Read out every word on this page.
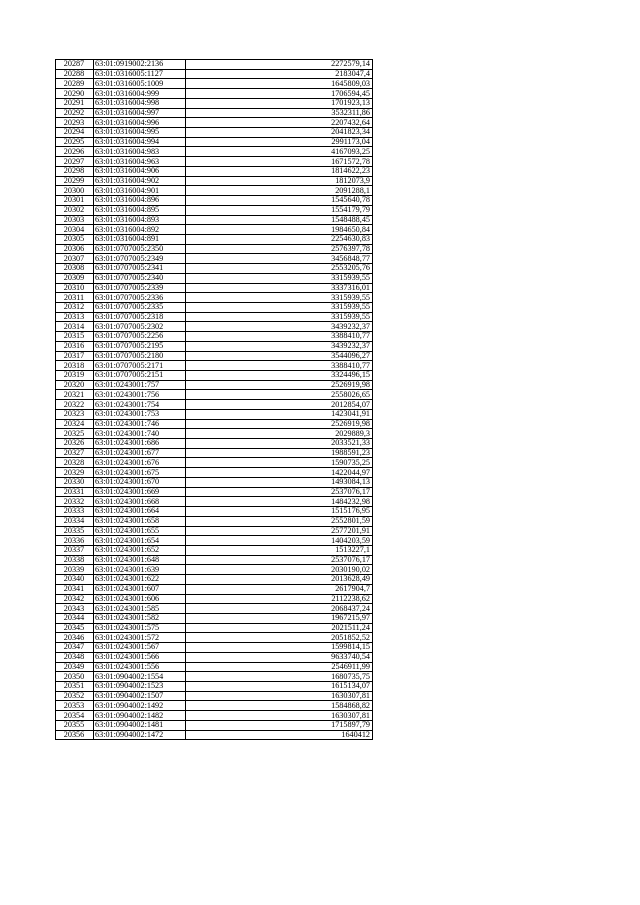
20287	63:01:0919002:2136	2272579,14
20288	63:01:0316005:1127	2183047,4
20289	63:01:0316005:1009	1645809,03
20290	63:01:0316004:999	1706594,45
20291	63:01:0316004:998	1701923,13
20292	63:01:0316004:997	3532311,86
20293	63:01:0316004:996	2207432,64
20294	63:01:0316004:995	2041823,34
20295	63:01:0316004:994	2991173,04
20296	63:01:0316004:983	4167093,25
20297	63:01:0316004:963	1671572,78
20298	63:01:0316004:906	1814622,23
20299	63:01:0316004:902	1812073,9
20300	63:01:0316004:901	2091288,1
20301	63:01:0316004:896	1545640,78
20302	63:01:0316004:895	1554179,79
20303	63:01:0316004:893	1548488,45
20304	63:01:0316004:892	1984650,84
20305	63:01:0316004:891	2254630,83
20306	63:01:0707005:2350	2576397,78
20307	63:01:0707005:2349	3456848,77
20308	63:01:0707005:2341	2553205,76
20309	63:01:0707005:2340	3315939,55
20310	63:01:0707005:2339	3337316,01
20311	63:01:0707005:2336	3315939,55
20312	63:01:0707005:2335	3315939,55
20313	63:01:0707005:2318	3315939,55
20314	63:01:0707005:2302	3439232,37
20315	63:01:0707005:2256	3388410,77
20316	63:01:0707005:2195	3439232,37
20317	63:01:0707005:2180	3544096,27
20318	63:01:0707005:2171	3388410,77
20319	63:01:0707005:2151	3324496,15
20320	63:01:0243001:757	2526919,98
20321	63:01:0243001:756	2558026,65
20322	63:01:0243001:754	2012854,07
20323	63:01:0243001:753	1423041,91
20324	63:01:0243001:746	2526919,98
20325	63:01:0243001:740	2029889,3
20326	63:01:0243001:686	2033521,33
20327	63:01:0243001:677	1988591,23
20328	63:01:0243001:676	1590735,25
20329	63:01:0243001:675	1422044,97
20330	63:01:0243001:670	1493084,13
20331	63:01:0243001:669	2537076,17
20332	63:01:0243001:668	1484232,98
20333	63:01:0243001:664	1515176,95
20334	63:01:0243001:658	2552801,59
20335	63:01:0243001:655	2577201,91
20336	63:01:0243001:654	1404203,59
20337	63:01:0243001:652	1513227,1
20338	63:01:0243001:648	2537076,17
20339	63:01:0243001:639	2030190,02
20340	63:01:0243001:622	2013628,49
20341	63:01:0243001:607	2617904,7
20342	63:01:0243001:606	2112238,62
20343	63:01:0243001:585	2068437,24
20344	63:01:0243001:582	1967215,97
20345	63:01:0243001:575	2021511,24
20346	63:01:0243001:572	2051852,52
20347	63:01:0243001:567	1599814,15
20348	63:01:0243001:566	9633740,54
20349	63:01:0243001:556	2546911,99
20350	63:01:0904002:1554	1680735,75
20351	63:01:0904002:1523	1615134,07
20352	63:01:0904002:1507	1630307,81
20353	63:01:0904002:1492	1584868,82
20354	63:01:0904002:1482	1630307,81
20355	63:01:0904002:1481	1715897,79
20356	63:01:0904002:1472	1640412
